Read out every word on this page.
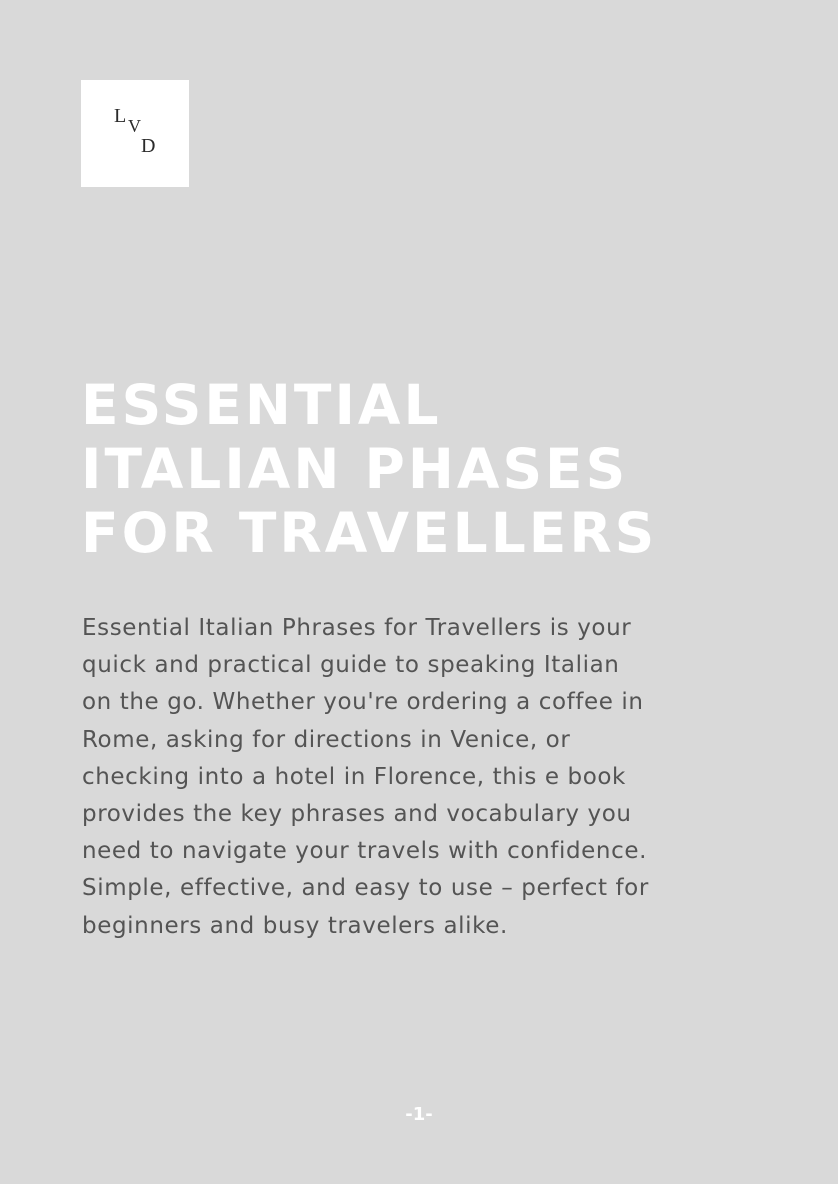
L V
D
ESSENTIAL
ITALIAN PHASES
FOR TRAVELLERS

Essential Italian Phrases for Travellers is your
quick and practical guide to speaking Italian
on the go. Whether you're ordering a coffee in
Rome, asking for directions in Venice, or
checking into a hotel in Florence, this e book
provides the key phrases and vocabulary you
need to navigate your travels with confidence.
Simple, effective, and easy to use – perfect for
beginners and busy travelers alike.

-1-
